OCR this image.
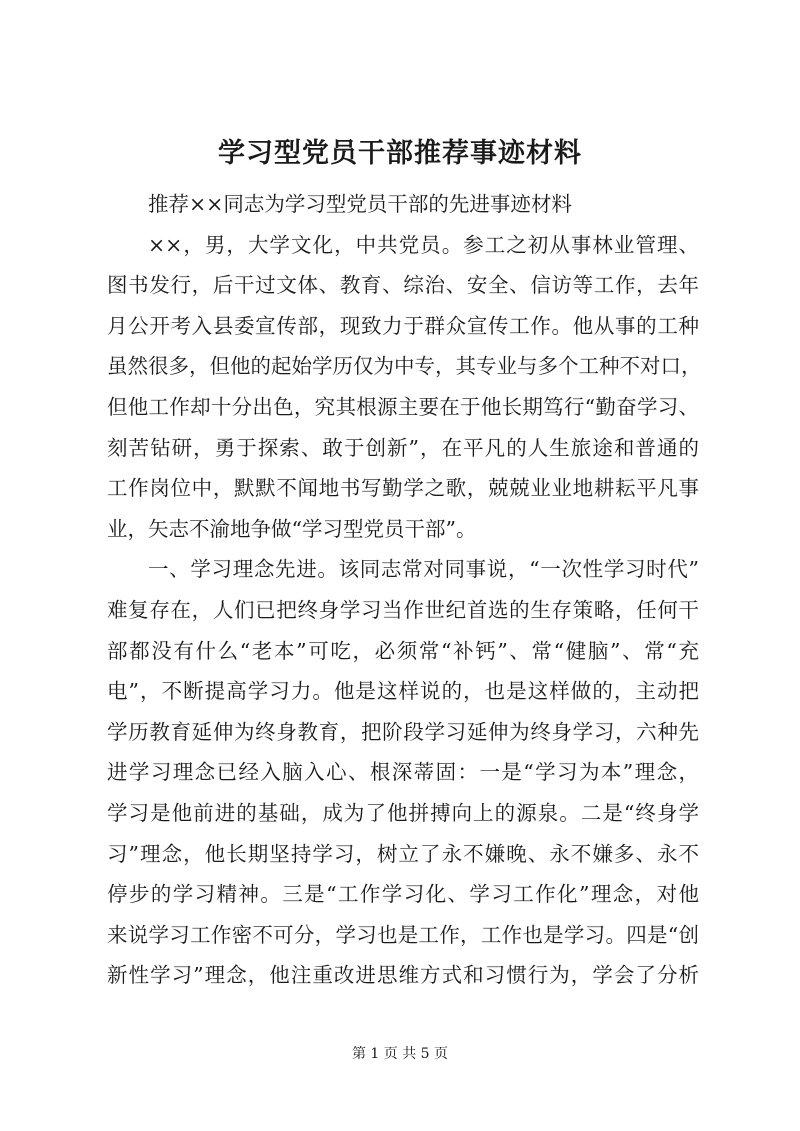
学习型党员干部推荐事迹材料
推荐××同志为学习型党员干部的先进事迹材料
××，男，大学文化，中共党员。参工之初从事林业管理、
图书发行，后干过文体、教育、综治、安全、信访等工作，去年
月公开考入县委宣传部，现致力于群众宣传工作。他从事的工种
虽然很多，但他的起始学历仅为中专，其专业与多个工种不对口，
但他工作却十分出色，究其根源主要在于他长期笃行“勤奋学习、
刻苦钻研，勇于探索、敢于创新”，在平凡的人生旅途和普通的
工作岗位中，默默不闻地书写勤学之歌，兢兢业业地耕耘平凡事
业，矢志不渝地争做“学习型党员干部”。
一、学习理念先进。该同志常对同事说，“一次性学习时代”
难复存在，人们已把终身学习当作世纪首选的生存策略，任何干
部都没有什么“老本”可吃，必须常“补钙”、常“健脑”、常“充
电”，不断提高学习力。他是这样说的，也是这样做的，主动把
学历教育延伸为终身教育，把阶段学习延伸为终身学习，六种先
进学习理念已经入脑入心、根深蒂固：一是“学习为本”理念，
学习是他前进的基础，成为了他拼搏向上的源泉。二是“终身学
习”理念，他长期坚持学习，树立了永不嫌晚、永不嫌多、永不
停步的学习精神。三是“工作学习化、学习工作化”理念，对他
来说学习工作密不可分，学习也是工作，工作也是学习。四是“创
新性学习”理念，他注重改进思维方式和习惯行为，学会了分析
第 1 页 共 5 页
